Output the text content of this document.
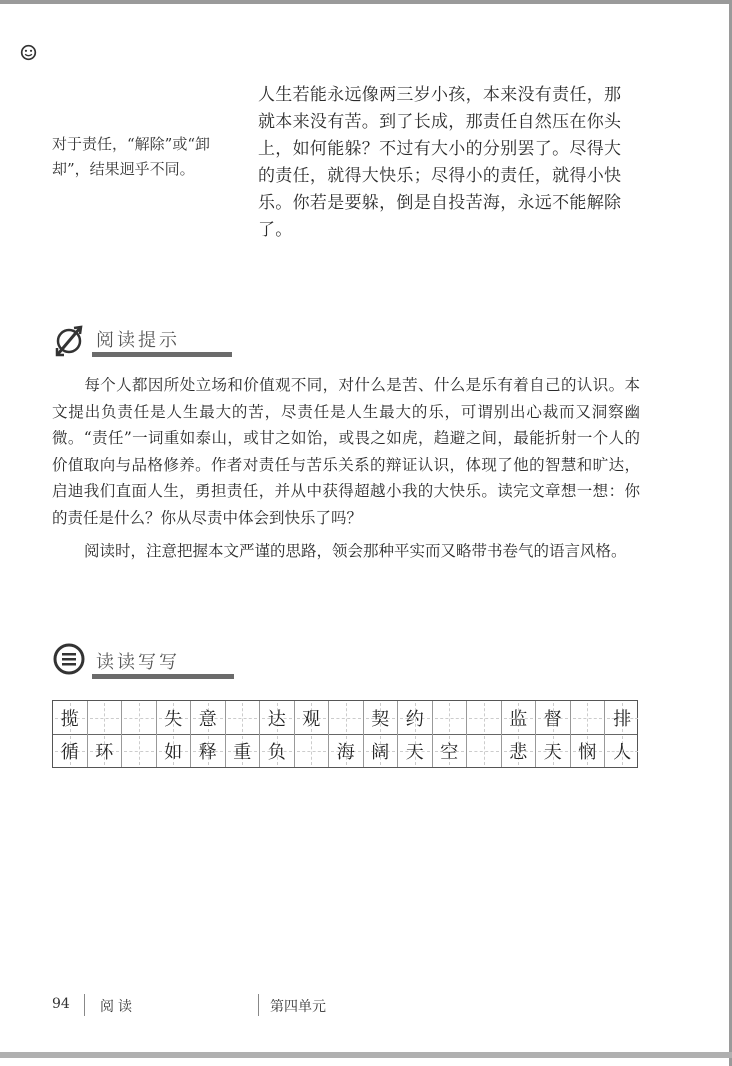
人生若能永远像两三岁小孩，本来没有责任，那就本来没有苦。到了长成，那责任自然压在你头上，如何能躲？不过有大小的分别罢了。尽得大的责任，就得大快乐；尽得小的责任，就得小快乐。你若是要躲，倒是自投苦海，永远不能解除了。
对于责任，“解除”或“卸却”，结果迥乎不同。
阅读提示
每个人都因所处立场和价值观不同，对什么是苦、什么是乐有着自己的认识。本文提出负责任是人生最大的苦，尽责任是人生最大的乐，可谓别出心裁而又洞察幽微。“责任”一词重如泰山，或甘之如饴，或畏之如虎，趋避之间，最能折射一个人的价值取向与品格修养。作者对责任与苦乐关系的辩证认识，体现了他的智慧和旷达，启迪我们直面人生，勇担责任，并从中获得超越小我的大快乐。读完文章想一想：你的责任是什么？你从尽责中体会到快乐了吗？
阅读时，注意把握本文严谨的思路，领会那种平实而又略带书卷气的语言风格。
读读写写
揽	失 意	达 观	契 约	监 督	排
循 环	如 释 重 负	海 阔 天 空	悲 天 悯 人
94 阅读	第四单元
